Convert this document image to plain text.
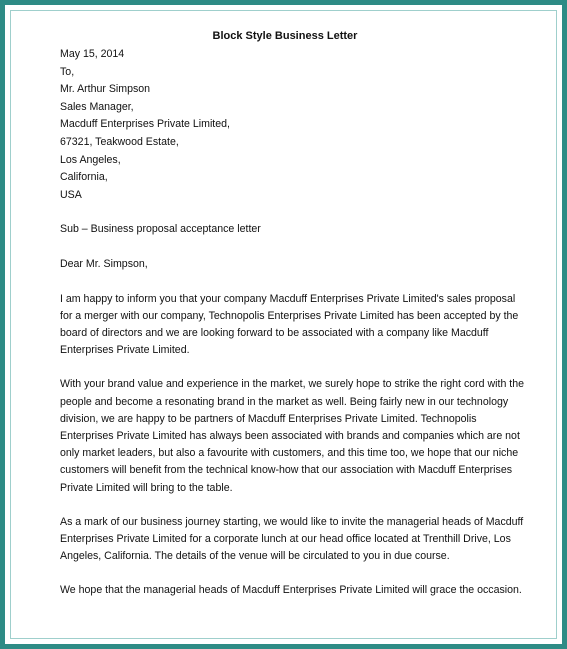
Block Style Business Letter
May 15, 2014
To,
Mr. Arthur Simpson
Sales Manager,
Macduff Enterprises Private Limited,
67321, Teakwood Estate,
Los Angeles,
California,
USA
Sub – Business proposal acceptance letter
Dear Mr. Simpson,
I am happy to inform you that your company Macduff Enterprises Private Limited's sales proposal
for a merger with our company, Technopolis Enterprises Private Limited has been accepted by the
board of directors and we are looking forward to be associated with a company like Macduff
Enterprises Private Limited.
With your brand value and experience in the market, we surely hope to strike the right cord with the
people and become a resonating brand in the market as well. Being fairly new in our technology
division, we are happy to be partners of Macduff Enterprises Private Limited. Technopolis
Enterprises Private Limited has always been associated with brands and companies which are not
only market leaders, but also a favourite with customers, and this time too, we hope that our niche
customers will benefit from the technical know-how that our association with Macduff Enterprises
Private Limited will bring to the table.
As a mark of our business journey starting, we would like to invite the managerial heads of Macduff
Enterprises Private Limited for a corporate lunch at our head office located at Trenthill Drive, Los
Angeles, California. The details of the venue will be circulated to you in due course.
We hope that the managerial heads of Macduff Enterprises Private Limited will grace the occasion.
